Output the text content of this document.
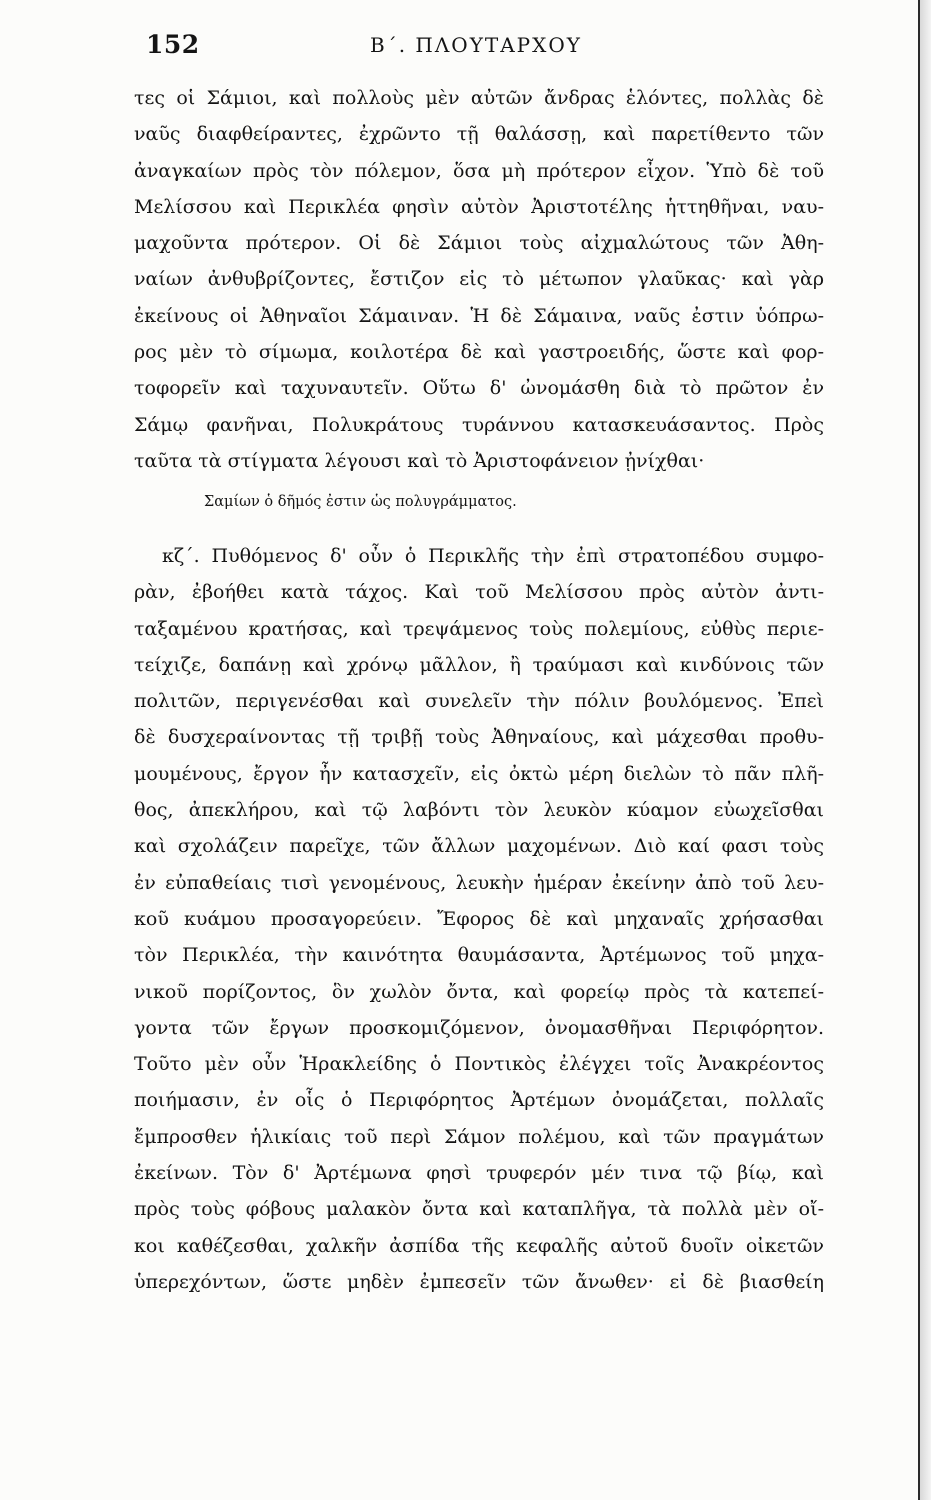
152	Β΄. ΠΛΟΥΤΑΡΧΟΥ
τες οἱ Σάμιοι, καὶ πολλοὺς μὲν αὐτῶν ἄνδρας ἑλόντες, πολλὰς δὲ
ναῦς διαφθείραντες, ἐχρῶντο τῇ θαλάσσῃ, καὶ παρετίθεντο τῶν
ἀναγκαίων πρὸς τὸν πόλεμον, ὅσα μὴ πρότερον εἶχον. Ὑπὸ δὲ τοῦ
Μελίσσου καὶ Περικλέα φησὶν αὐτὸν Ἀριστοτέλης ἡττηθῆναι, ναυ-
μαχοῦντα πρότερον. Οἱ δὲ Σάμιοι τοὺς αἰχμαλώτους τῶν Ἀθη-
ναίων ἀνθυβρίζοντες, ἔστιζον εἰς τὸ μέτωπον γλαῦκας· καὶ γὰρ
ἐκείνους οἱ Ἀθηναῖοι Σάμαιναν. Ἡ δὲ Σάμαινα, ναῦς ἐστιν ὑόπρω-
ρος μὲν τὸ σίμωμα, κοιλοτέρα δὲ καὶ γαστροειδής, ὥστε καὶ φορ-
τοφορεῖν καὶ ταχυναυτεῖν. Οὕτω δ' ὠνομάσθη διὰ τὸ πρῶτον ἐν
Σάμῳ φανῆναι, Πολυκράτους τυράννου κατασκευάσαντος. Πρὸς
ταῦτα τὰ στίγματα λέγουσι καὶ τὸ Ἀριστοφάνειον ᾐνίχθαι·
Σαμίων ὁ δῆμός ἐστιν ὡς πολυγράμματος.
κζ΄. Πυθόμενος δ' οὖν ὁ Περικλῆς τὴν ἐπὶ στρατοπέδου συμφο-
ρὰν, ἐβοήθει κατὰ τάχος. Καὶ τοῦ Μελίσσου πρὸς αὐτὸν ἀντι-
ταξαμένου κρατήσας, καὶ τρεψάμενος τοὺς πολεμίους, εὐθὺς περιε-
τείχιζε, δαπάνῃ καὶ χρόνῳ μᾶλλον, ἢ τραύμασι καὶ κινδύνοις τῶν
πολιτῶν, περιγενέσθαι καὶ συνελεῖν τὴν πόλιν βουλόμενος. Ἐπεὶ
δὲ δυσχεραίνοντας τῇ τριβῇ τοὺς Ἀθηναίους, καὶ μάχεσθαι προθυ-
μουμένους, ἔργον ἦν κατασχεῖν, εἰς ὀκτὼ μέρη διελὼν τὸ πᾶν πλῆ-
θος, ἀπεκλήρου, καὶ τῷ λαβόντι τὸν λευκὸν κύαμον εὐωχεῖσθαι
καὶ σχολάζειν παρεῖχε, τῶν ἄλλων μαχομένων. Διὸ καί φασι τοὺς
ἐν εὐπαθείαις τισὶ γενομένους, λευκὴν ἡμέραν ἐκείνην ἀπὸ τοῦ λευ-
κοῦ κυάμου προσαγορεύειν. Ἔφορος δὲ καὶ μηχαναῖς χρήσασθαι
τὸν Περικλέα, τὴν καινότητα θαυμάσαντα, Ἀρτέμωνος τοῦ μηχα-
νικοῦ πορίζοντος, ὃν χωλὸν ὄντα, καὶ φορείῳ πρὸς τὰ κατεπεί-
γοντα τῶν ἔργων προσκομιζόμενον, ὀνομασθῆναι Περιφόρητον.
Τοῦτο μὲν οὖν Ἡρακλείδης ὁ Ποντικὸς ἐλέγχει τοῖς Ἀνακρέοντος
ποιήμασιν, ἐν οἷς ὁ Περιφόρητος Ἀρτέμων ὀνομάζεται, πολλαῖς
ἔμπροσθεν ἡλικίαις τοῦ περὶ Σάμον πολέμου, καὶ τῶν πραγμάτων
ἐκείνων. Τὸν δ' Ἀρτέμωνα φησὶ τρυφερόν μέν τινα τῷ βίῳ, καὶ
πρὸς τοὺς φόβους μαλακὸν ὄντα καὶ καταπλῆγα, τὰ πολλὰ μὲν οἴ-
κοι καθέζεσθαι, χαλκῆν ἀσπίδα τῆς κεφαλῆς αὐτοῦ δυοῖν οἰκετῶν
ὑπερεχόντων, ὥστε μηδὲν ἐμπεσεῖν τῶν ἄνωθεν· εἰ δὲ βιασθείη
